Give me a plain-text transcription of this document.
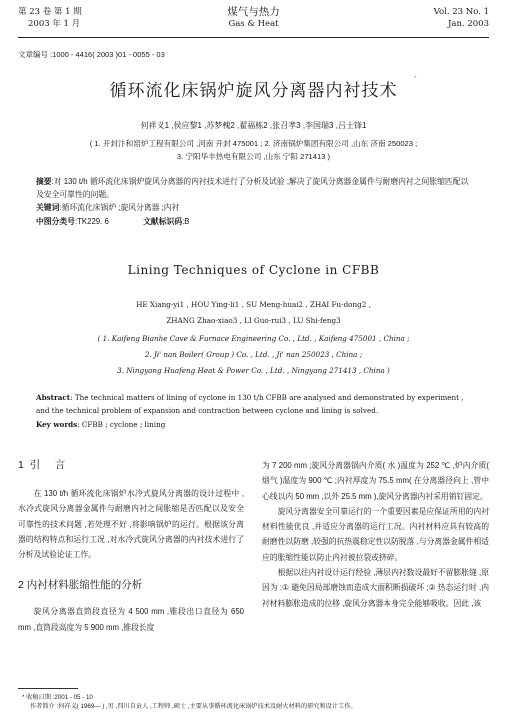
第 23 卷 第 1 期
2003 年 1 月
煤气与热力
Gas & Heat
Vol. 23 No. 1
Jan. 2003
文章编号 :1000 - 4416( 2003 )01 - 0055 - 03
循环流化床锅炉旋风分离器内衬技术
*
何祥义1 ,侯应黎1 ,苏梦槐2 ,翟福栋2 ,张召孝3 ,李国瑞3 ,吕士锋1
( 1. 开封汴和窑炉工程有限公司 ,河南 开封 475001 ; 2. 济南锅炉集团有限公司 ,山东 济南 250023 ;
3. 宁阳华丰热电有限公司 ,山东 宁阳 271413 )
摘要:对 130 t/h 循环流化床锅炉旋风分离器的内衬技术进行了分析及试验 ,解决了旋风分离器金属件与耐磨内衬之间胀缩匹配以及安全可靠性的问题。
关键词:循环流化床锅炉 ;旋风分离器 ;内衬
中图分类号:TK229. 6	文献标识码:B
Lining Techniques of Cyclone in CFBB
HE Xiang-yi1 , HOU Ying-li1 , SU Meng-huai2 , ZHAI Fu-dong2 ,
ZHANG Zhao-xiao3 , LI Guo-rui3 , LU Shi-feng3
( 1. Kaifeng Bianhe Cave & Furnace Engineering Co. , Ltd. , Kaifeng 475001 , China ;
2. Ji' nan Boiler( Group ) Co. , Ltd. , Ji' nan 250023 , China ;
3. Ningyang Huafeng Heat & Power Co. , Ltd. , Ningyang 271413 , China )
Abstract: The technical matters of lining of cyclone in 130 t/h CFBB are analysed and demonstrated by experiment , and the technical problem of expansion and contraction between cyclone and lining is solved.
Key words: CFBB ; cyclone ; lining
1  引     言
在 130 t/h 循环流化床锅炉水冷式旋风分离器的设计过程中 ,水冷式旋风分离器金属件与耐磨内衬之间胀缩是否匹配以及安全可靠性的技术问题 ,若处理不好 ,将影响锅炉的运行。根据该分离器的结构特点和运行工况 ,对水冷式旋风分离器的内衬技术进行了分析及试验论证工作。
2 内衬材料胀缩性能的分析
旋风分离器直筒段直径为 4 500 mm ,锥段出口直径为 650 mm ,直筒段高度为 5 900 mm ,锥段长度
为 7 200 mm ;旋风分离器锅内介质( 水 )温度为 252 ℃ ,炉内介质( 烟气 )温度为 900 ℃ ;内衬厚度为 75.5 mm( 在分离器径向上 ,管中心线以内 50 mm ,以外 25.5 mm ),旋风分离器内衬采用销钉固定。
旋风分离器安全可靠运行的一个重要因素是应保证所用的内衬材料性能优良 ,并适应分离器的运行工况。内衬材料应具有较高的耐磨性以防磨 ,较强的抗热震稳定性以防脱落 ,与分离器金属件相适应的胀缩性能以防止内衬被拉裂或挤碎。
根据以往内衬设计运行经验 ,薄层内衬数设最好不留膨胀缝 ,原因为 :① 避免因局部磨蚀而造成大面积断损破坏 ;② 热态运行时 ,内衬材料膨胀造成的位移 ,旋风分离器本身完全能够吸收。因此 ,该
* 收稿日期 :2001 - 05 - 10
作者简介 :何祥义( 1969— ) ,男 ,四川自贡人 ,工程师 ,硕士 ,主要从事循环流化床锅炉技术及耐火材料的研究和设计工作。
